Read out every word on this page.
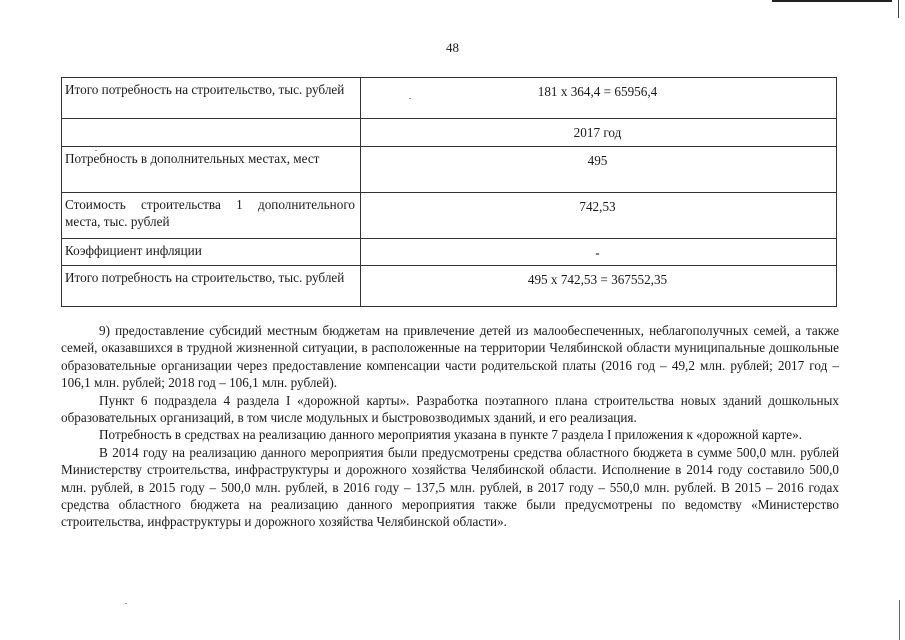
48
Итого потребность на строительство, тыс. рублей	181 х 364,4 = 65956,4
	2017 год
Потребность в дополнительных местах, мест	495
Стоимость строительства 1 дополнительного места, тыс. рублей	742,53
Коэффициент инфляции	-
Итого потребность на строительство, тыс. рублей	495 х 742,53 = 367552,35

9) предоставление субсидий местным бюджетам на привлечение детей из малообеспеченных, неблагополучных семей, а также семей, оказавшихся в трудной жизненной ситуации, в расположенные на территории Челябинской области муниципальные дошкольные образовательные организации через предоставление компенсации части родительской платы (2016 год – 49,2 млн. рублей; 2017 год – 106,1 млн. рублей; 2018 год – 106,1 млн. рублей).

Пункт 6 подраздела 4 раздела I «дорожной карты». Разработка поэтапного плана строительства новых зданий дошкольных образовательных организаций, в том числе модульных и быстровозводимых зданий, и его реализация.

Потребность в средствах на реализацию данного мероприятия указана в пункте 7 раздела I приложения к «дорожной карте».

В 2014 году на реализацию данного мероприятия были предусмотрены средства областного бюджета в сумме 500,0 млн. рублей Министерству строительства, инфраструктуры и дорожного хозяйства Челябинской области. Исполнение в 2014 году составило 500,0 млн. рублей, в 2015 году – 500,0 млн. рублей, в 2016 году – 137,5 млн. рублей, в 2017 году – 550,0 млн. рублей. В 2015 – 2016 годах средства областного бюджета на реализацию данного мероприятия также были предусмотрены по ведомству «Министерство строительства, инфраструктуры и дорожного хозяйства Челябинской области».
